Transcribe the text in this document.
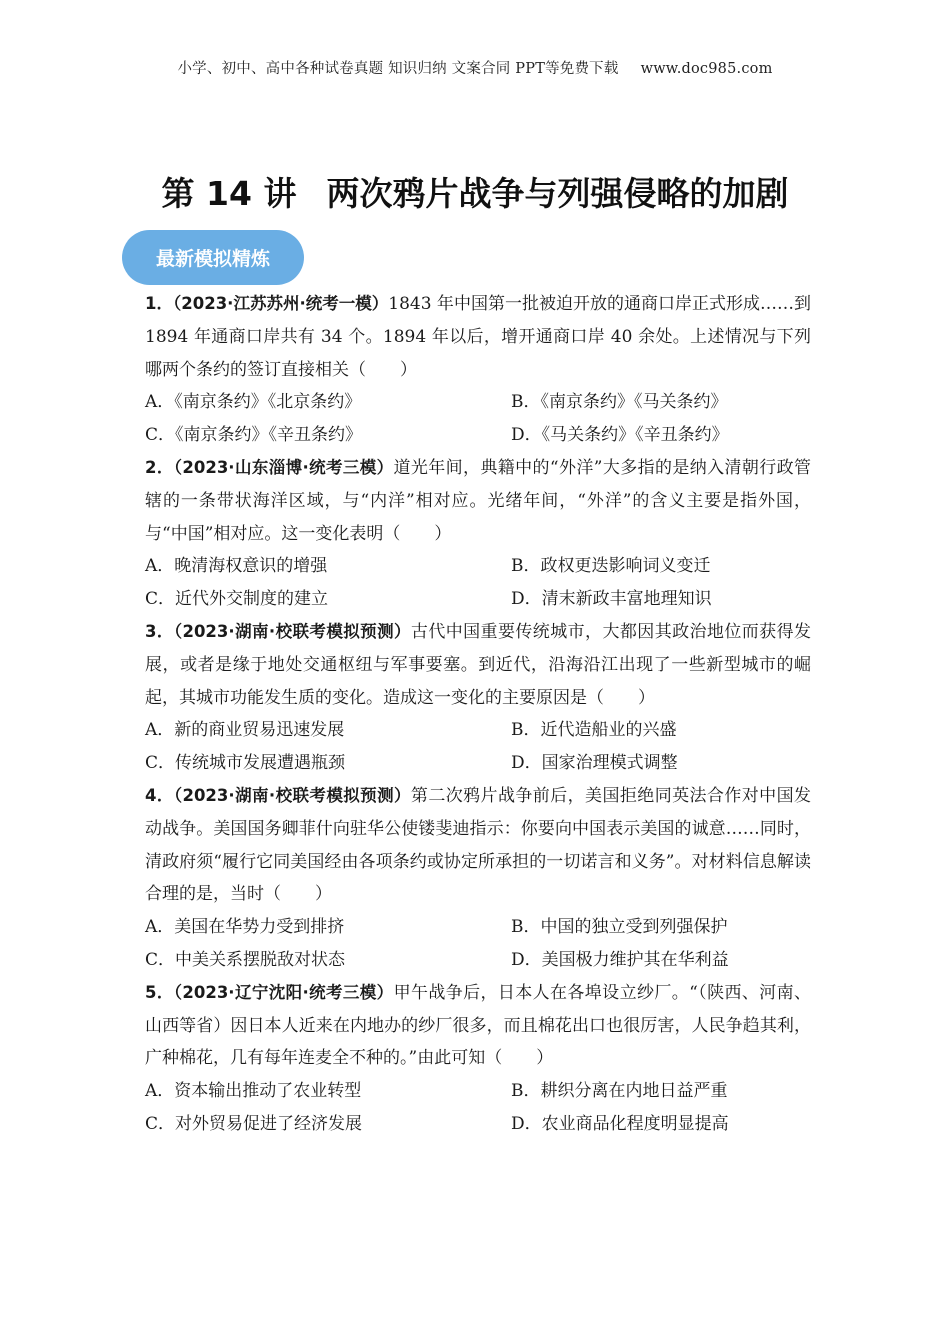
小学、初中、高中各种试卷真题 知识归纳 文案合同 PPT等免费下载 www.doc985.com
第 14 讲 两次鸦片战争与列强侵略的加剧
最新模拟精炼
1．（2023·江苏苏州·统考一模）1843 年中国第一批被迫开放的通商口岸正式形成……到 1894 年通商口岸共有 34 个。1894 年以后，增开通商口岸 40 余处。上述情况与下列哪两个条约的签订直接相关（　　）
A．《南京条约》《北京条约》	B．《南京条约》《马关条约》
C．《南京条约》《辛丑条约》	D．《马关条约》《辛丑条约》
2．（2023·山东淄博·统考三模）道光年间，典籍中的“外洋”大多指的是纳入清朝行政管辖的一条带状海洋区域，与“内洋”相对应。光绪年间，“外洋”的含义主要是指外国，与“中国”相对应。这一变化表明（　　）
A．晚清海权意识的增强	B．政权更迭影响词义变迁
C．近代外交制度的建立	D．清末新政丰富地理知识
3．（2023·湖南·校联考模拟预测）古代中国重要传统城市，大都因其政治地位而获得发展，或者是缘于地处交通枢纽与军事要塞。到近代，沿海沿江出现了一些新型城市的崛起，其城市功能发生质的变化。造成这一变化的主要原因是（　　）
A．新的商业贸易迅速发展	B．近代造船业的兴盛
C．传统城市发展遭遇瓶颈	D．国家治理模式调整
4．（2023·湖南·校联考模拟预测）第二次鸦片战争前后，美国拒绝同英法合作对中国发动战争。美国国务卿菲什向驻华公使镂斐迪指示：你要向中国表示美国的诚意……同时，清政府须“履行它同美国经由各项条约或协定所承担的一切诺言和义务”。对材料信息解读合理的是，当时（　　）
A．美国在华势力受到排挤	B．中国的独立受到列强保护
C．中美关系摆脱敌对状态	D．美国极力维护其在华利益
5．（2023·辽宁沈阳·统考三模）甲午战争后，日本人在各埠设立纱厂。“（陕西、河南、山西等省）因日本人近来在内地办的纱厂很多，而且棉花出口也很厉害，人民争趋其利，广种棉花，几有每年连麦全不种的。”由此可知（　　）
A．资本输出推动了农业转型	B．耕织分离在内地日益严重
C．对外贸易促进了经济发展	D．农业商品化程度明显提高
